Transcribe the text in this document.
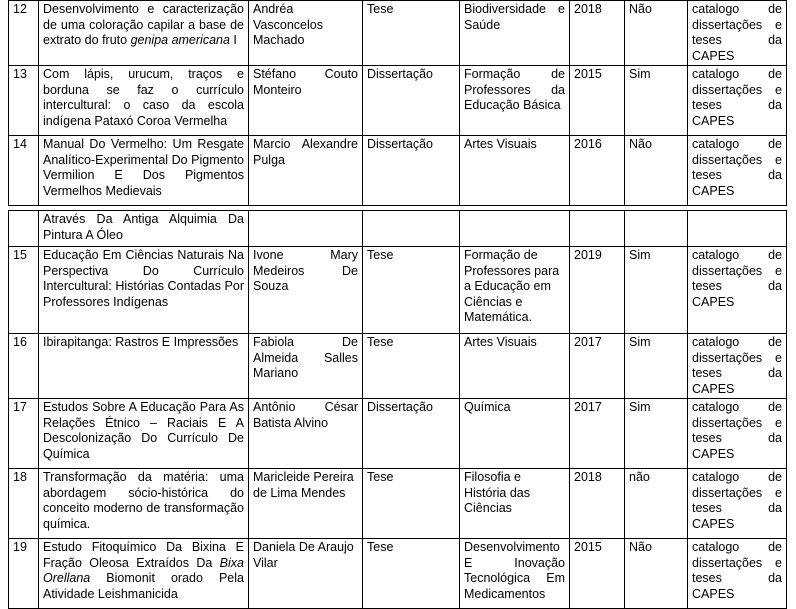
12	Desenvolvimento e caracterização de uma coloração capilar a base de extrato do fruto genipa americana I	Andréa Vasconcelos Machado	Tese	Biodiversidade e Saúde	2018	Não	catalogo de dissertações e teses da CAPES
13	Com lápis, urucum, traços e borduna se faz o currículo intercultural: o caso da escola indígena Pataxó Coroa Vermelha	Stéfano Couto Monteiro	Dissertação	Formação de Professores da Educação Básica	2015	Sim	catalogo de dissertações e teses da CAPES
14	Manual Do Vermelho: Um Resgate Analítico-Experimental Do Pigmento Vermilion E Dos Pigmentos Vermelhos Medievais	Marcio Alexandre Pulga	Dissertação	Artes Visuais	2016	Não	catalogo de dissertações e teses da CAPES
	Através Da Antiga Alquimia Da Pintura A Óleo						
15	Educação Em Ciências Naturais Na Perspectiva Do Currículo Intercultural: Histórias Contadas Por Professores Indígenas	Ivone Mary Medeiros De Souza	Tese	Formação de Professores para a Educação em Ciências e Matemática.	2019	Sim	catalogo de dissertações e teses da CAPES
16	Ibirapitanga: Rastros E Impressões	Fabiola De Almeida Salles Mariano	Tese	Artes Visuais	2017	Sim	catalogo de dissertações e teses da CAPES
17	Estudos Sobre A Educação Para As Relações Étnico – Raciais E A Descolonização Do Currículo De Química	Antônio César Batista Alvino	Dissertação	Química	2017	Sim	catalogo de dissertações e teses da CAPES
18	Transformação da matéria: uma abordagem sócio-histórica do conceito moderno de transformação química.	Maricleide Pereira de Lima Mendes	Tese	Filosofia e História das Ciências	2018	não	catalogo de dissertações e teses da CAPES
19	Estudo Fitoquímico Da Bixina E Fração Oleosa Extraídos Da Bixa Orellana Biomonit orado Pela Atividade Leishmanicida	Daniela De Araujo Vilar	Tese	Desenvolvimento E Inovação Tecnológica Em Medicamentos	2015	Não	catalogo de dissertações e teses da CAPES
